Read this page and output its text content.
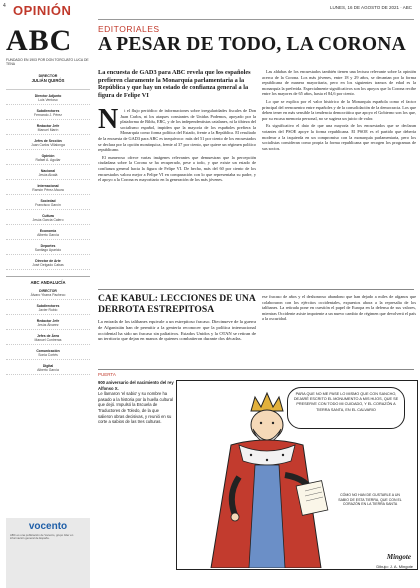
4 OPINIÓN	LUNES, 16 DE AGOSTO DE 2021 · ABC
ABC
FUNDADO EN 1903 POR DON TORCUATO LUCA DE TENA
DIRECTOR
JULIÁN QUIRÓS
Director Adjunto
Luis Ventoso
Subdirectores
Fernando J. Pérez
Redactor Jefe
Manuel Marín
Jefes de Sección
Juan Carlos Villalonga
Opinión
Rafael A. Aguilar
Nacional
Jesús Alcalá
Internacional
Ramón Pérez-Maura
Sociedad
Francisco Garcín
Cultura
Jesús García Calero
Economía
Alberto García
Deportes
Santiago Aparicio
Director de Arte
José Delgado Cabas
ABC ANDALUCÍA
DIRECTOR
Álvaro Ybarra Pacheco
Subdirectores
Javier Rubio
Redactor Jefe
Jesús Álvarez
Jefes de Área
Manuel Contreras
Comunicación
Sonia Cortés
Digital
Alberto García
vocento
ABC es una publicación de Vocento, grupo líder en información general de España.
EDITORIALES
A PESAR DE TODO, LA CORONA
La encuesta de GAD3 para ABC revela que los españoles prefieren claramente la Monarquía parlamentaria a la República y que hay un estado de confianza general a la figura de Felipe VI
N	i el flujo periódico de informaciones sobre irregularidades fiscales de Don Juan Carlos, ni los ataques constantes de Unidas Podemos, apoyado por la plataforma de Bildu, ERC, y de los independentistas catalanes, ni la tibieza del socialismo español, impiden que la mayoría de los españoles prefiera la Monarquía como forma política del Estado, frente a la República. El resultado de la encuesta de GAD3 para ABC es inequívoco: más del 51 por ciento de los encuestados se declara por la opción monárquica, frente al 37 por ciento, que quiere un régimen político republicano.

El numeroso ofrece varias imágenes relevantes que demuestran que la percepción ciudadana sobre la Corona se ha recuperado, pese a todo, y que existe un estado de confianza general hacia la figura de Felipe VI. De hecho, más del 60 por ciento de los encuestados valora mejor a Felipe VI en comparación con lo que representaba su padre, y el apoyo a la Corona es mayoritario en la generación de los más jóvenes.

Las aldabas de los encuestados también tienen una lectura relevante sobre la opinión acerca de la Corona. Los más jóvenes, entre 18 y 29 años, se decantan por la forma republicana de manera mayoritaria, pero en los siguientes tramos de edad es la monarquía la preferida. Especialmente significativos son los apoyos que la Corona recibe entre los mayores de 65 años, hasta el 84,6 por ciento.

Lo que se explica por el valor histórico de la Monarquía española como el factor principal del reencuentro entre españoles y de la consolidación de la democracia. Los que deben tener en más sensible la tendencia democrática que apoyo el Gobierno son los que, por su escasa memoria personal, no se sugiera un juicio de valor.

Es significativo el dato de que una mayoría de los encuestados que se declaran votantes del PSOE apoye la forma republicana. El PSOE es el partido que debería moderar a la izquierda en un compromiso con la monarquía parlamentaria, pero los socialistas consideran como propia la forma republicana que recogen los programas de sus socios.

CAE KABUL: LECCIONES DE UNA DERROTA ESTREPITOSA
La entrada de los talibanes equivale a un estrepitoso fracaso. Diecinueve de la guerra de Afganistán han de permitir a la gentería reconocer que la política internacional occidental ha sido un fracaso sin paliativos. Estados Unidos y la OTAN se retiran de un territorio que dejan en manos de quienes combatieron durante dos décadas.
ese fracaso de años y el deshonroso abandono que han dejado a miles de afganos que colaboraron con los ejércitos occidentales, expuestos ahora a la represalia de los talibanes. La retirada pone en cuestión el papel de Europa en la defensa de sus valores, mientras Occidente asiste impotente a un nuevo cambio de régimen que devolverá el país a la oscuridad.
PUERTA
900 aniversario del nacimiento del rey Alfonso X.
Le llamaron 'el sabio' y su nombre ha pasado a la historia por la huella cultural que dejó. Impulsó la Escuela de Traductores de Toledo, de la que salieron obras decisivas, y reunió en su corte a sabios de las tres culturas.
PARA QUE NO ME PASE LO MISMO QUE CON SANCHO, DEJARÉ ESCRITO EL MONUMENTO A MIS HIJOS, QUE SE PRESERVE CON TODO MI CUIDADO, Y EL CORAZÓN A TIERRA SANTA, EN EL CALVARIO
CÓMO NO HAN DE GUSTARLE A UN SABIO DE ESTA TIERRA, QUE CON EL CORAZÓN EN LA TIERRA SANTA
Mingote
Dibujo: J. A. Mingote
